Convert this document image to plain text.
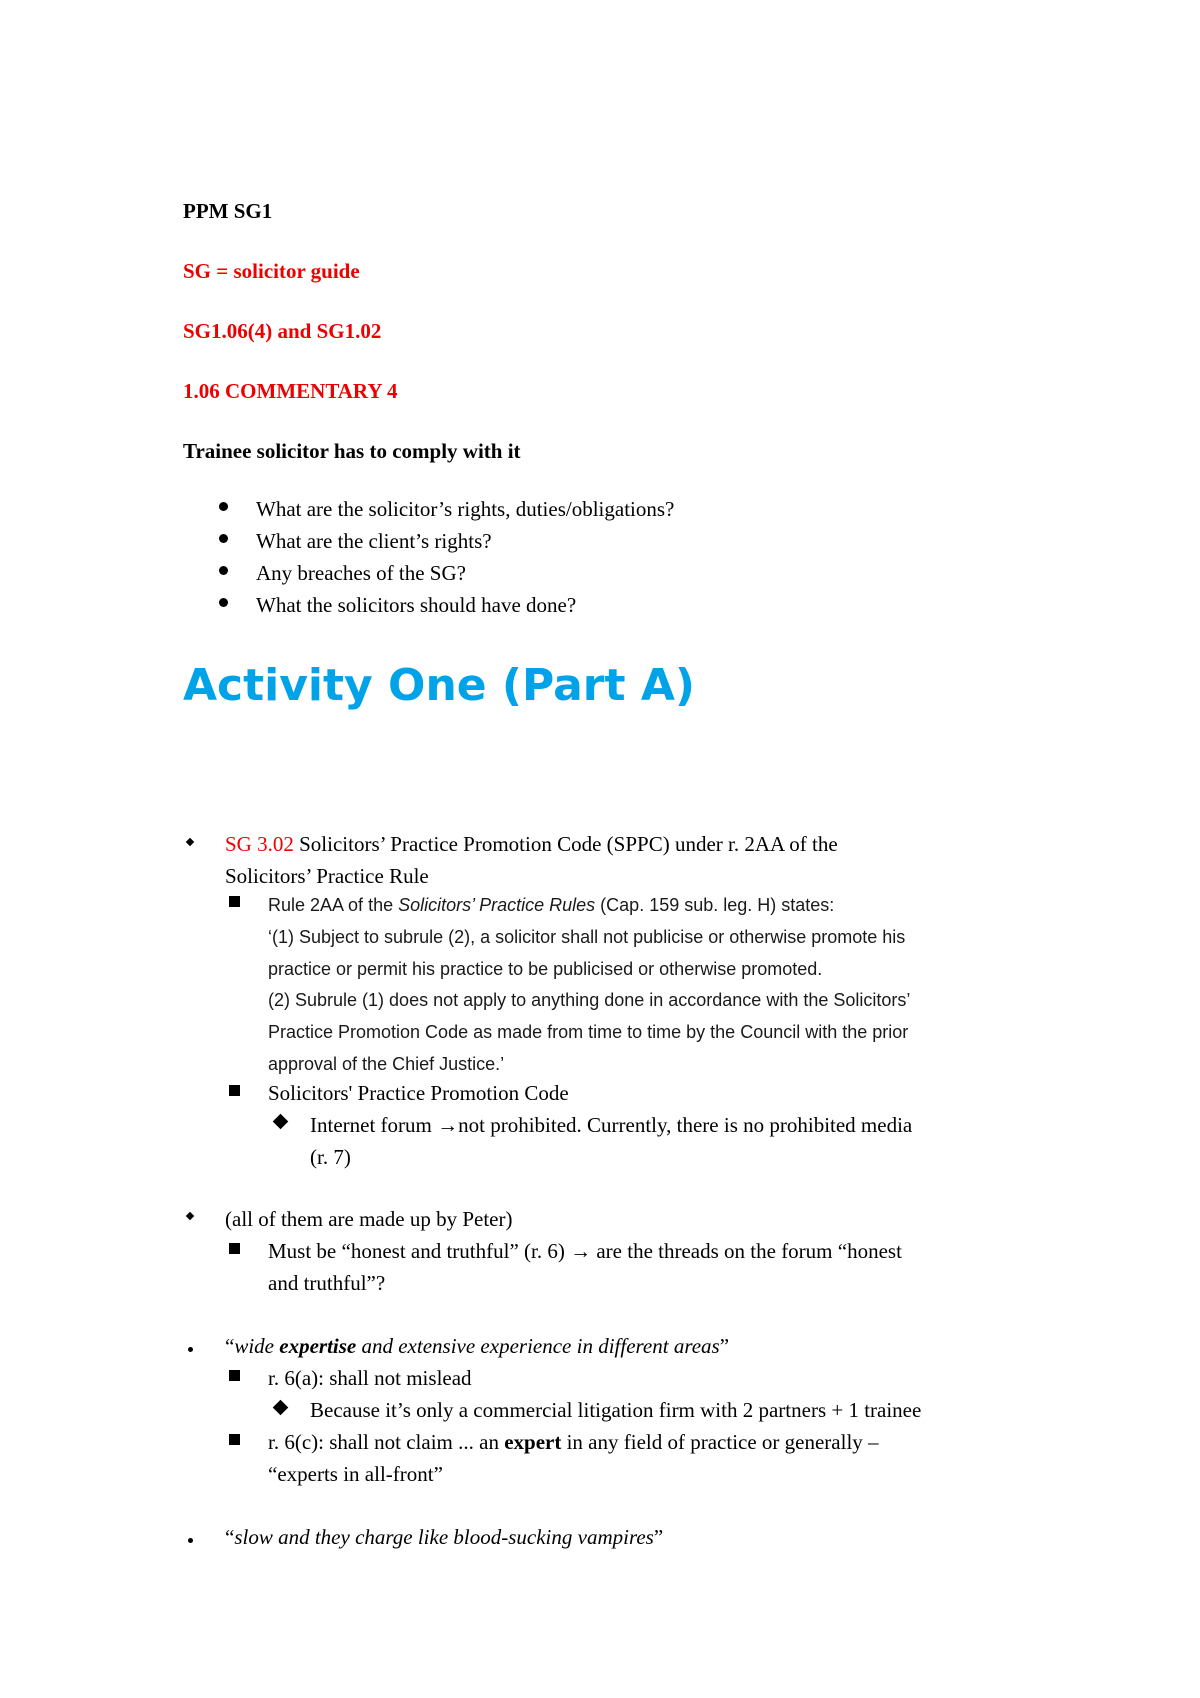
PPM SG1
SG = solicitor guide
SG1.06(4) and SG1.02
1.06 COMMENTARY 4
Trainee solicitor has to comply with it
What are the solicitor’s rights, duties/obligations?
What are the client’s rights?
Any breaches of the SG?
What the solicitors should have done?
Activity One (Part A)
SG 3.02 Solicitors’ Practice Promotion Code (SPPC) under r. 2AA of the
Solicitors’ Practice Rule
Rule 2AA of the Solicitors’ Practice Rules (Cap. 159 sub. leg. H) states:
‘(1) Subject to subrule (2), a solicitor shall not publicise or otherwise promote his
practice or permit his practice to be publicised or otherwise promoted.
(2) Subrule (1) does not apply to anything done in accordance with the Solicitors’
Practice Promotion Code as made from time to time by the Council with the prior
approval of the Chief Justice.’
Solicitors' Practice Promotion Code
Internet forum →not prohibited. Currently, there is no prohibited media
(r. 7)
(all of them are made up by Peter)
Must be “honest and truthful” (r. 6) → are the threads on the forum “honest
and truthful”?
“wide expertise and extensive experience in different areas”
r. 6(a): shall not mislead
Because it’s only a commercial litigation firm with 2 partners + 1 trainee
r. 6(c): shall not claim ... an expert in any field of practice or generally –
“experts in all-front”
“slow and they charge like blood-sucking vampires”
